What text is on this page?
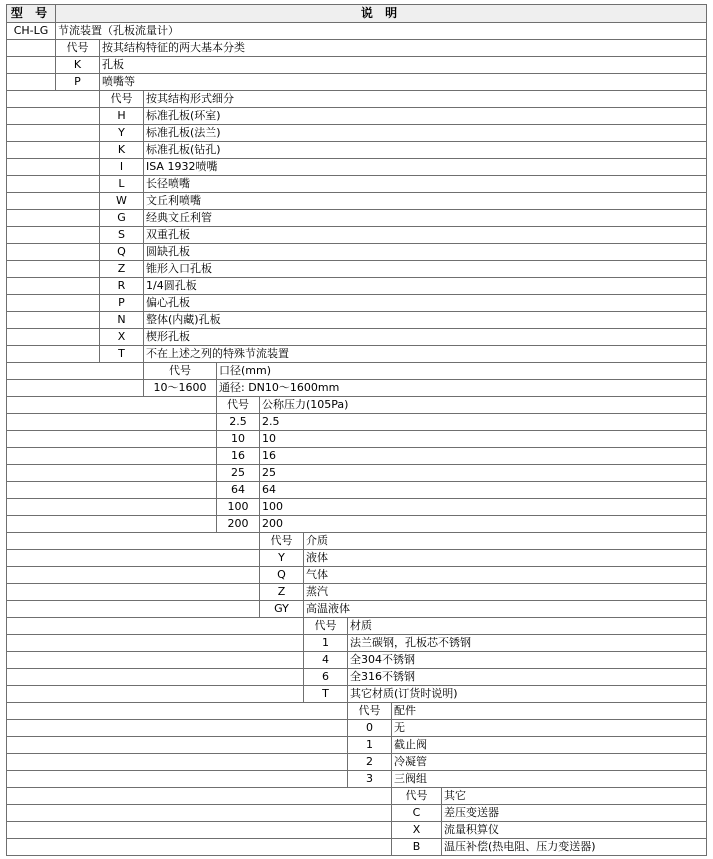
型 号	说 明
CH-LG 节流装置（孔板流量计）
代号	按其结构特征的两大基本分类
K	孔板
P	喷嘴等
代号	按其结构形式细分
H	标准孔板(环室)
Y	标准孔板(法兰)
K	标准孔板(钻孔)
I	ISA 1932喷嘴
L	长径喷嘴
W	文丘利喷嘴
G	经典文丘利管
S	双重孔板
Q	圆缺孔板
Z	锥形入口孔板
R	1/4圆孔板
P	偏心孔板
N	整体(内藏)孔板
X	楔形孔板
T	不在上述之列的特殊节流装置
代号	口径(mm)
10～1600	通径: DN10～1600mm
代号	公称压力(105Pa)
2.5	2.5
10	10
16	16
25	25
64	64
100	100
200	200
代号	介质
Y	液体
Q	气体
Z	蒸汽
GY	高温液体
代号	材质
1	法兰碳钢，孔板芯不锈钢
4	全304不锈钢
6	全316不锈钢
T	其它材质(订货时说明)
代号	配件
0	无
1	截止阀
2	冷凝管
3	三阀组
代号	其它
C	差压变送器
X	流量积算仪
B	温压补偿(热电阻、压力变送器)
